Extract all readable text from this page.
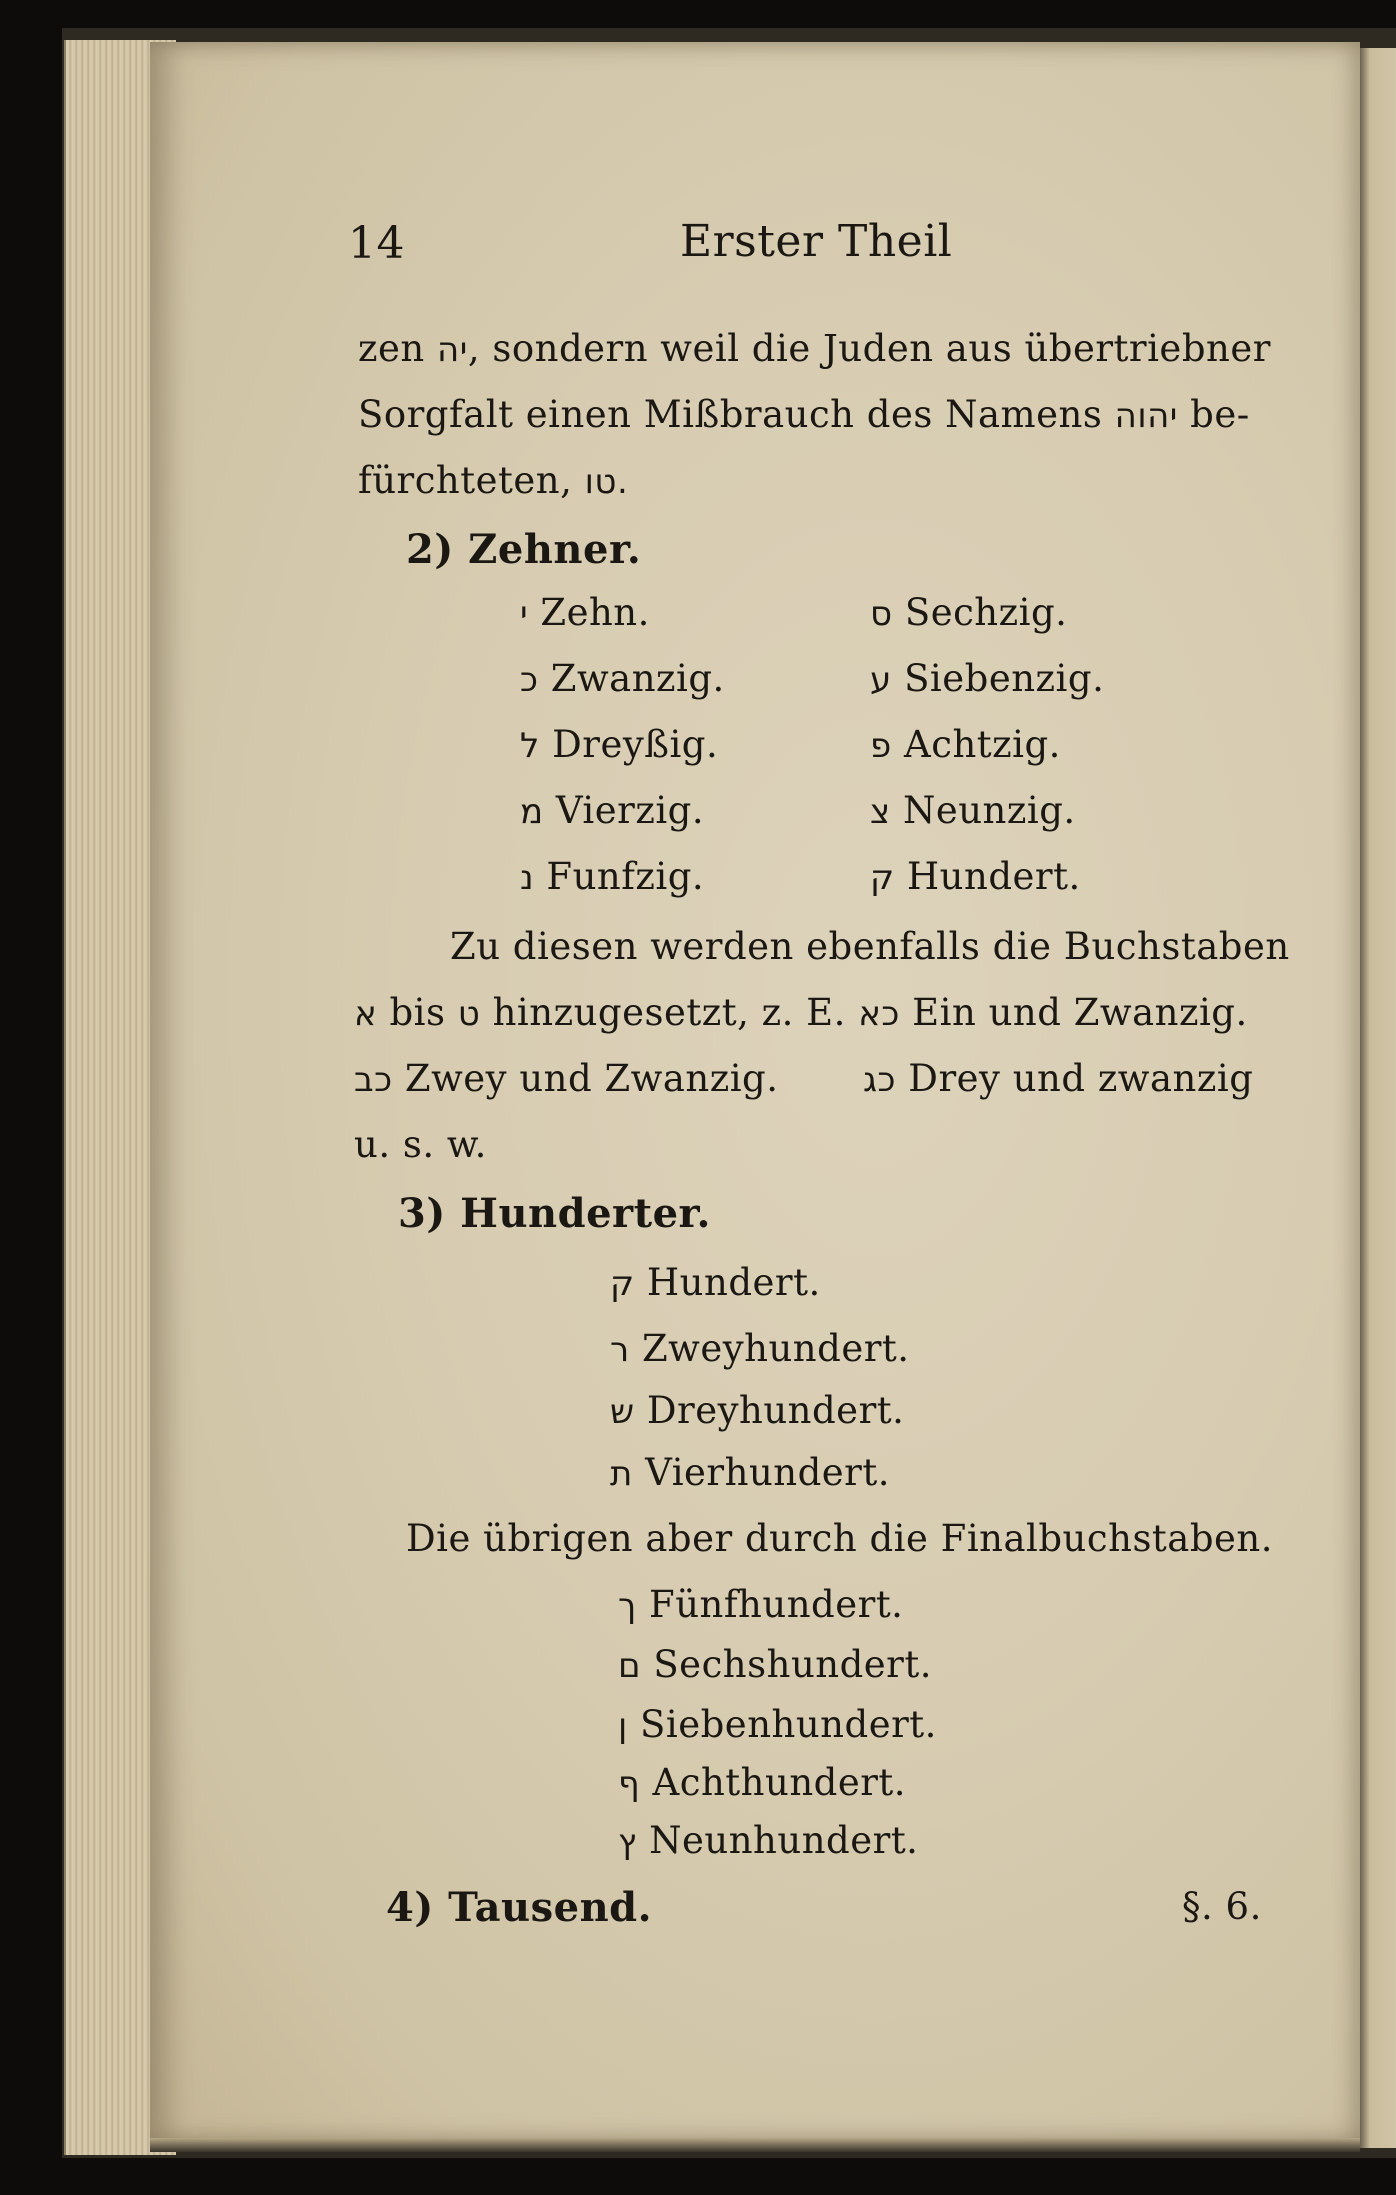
14	Erster Theil
zen יה, sondern weil die Juden aus übertriebner
Sorgfalt einen Mißbrauch des Namens יהוה be-
fürchteten, טו.
2) Zehner.
י Zehn.
כ Zwanzig.
ל Dreyßig.
מ Vierzig.
נ Funfzig.
ס Sechzig.
ע Siebenzig.
פ Achtzig.
צ Neunzig.
ק Hundert.
Zu diesen werden ebenfalls die Buchstaben
א bis ט hinzugesetzt, z. E. כא Ein und Zwanzig.
כב Zwey und Zwanzig. כג Drey und zwanzig
u. s. w.
3) Hunderter.
ק Hundert.
ר Zweyhundert.
ש Dreyhundert.
ת Vierhundert.
Die übrigen aber durch die Finalbuchstaben.
ך Fünfhundert.
ם Sechshundert.
ן Siebenhundert.
ף Achthundert.
ץ Neunhundert.
4) Tausend.	§. 6.
